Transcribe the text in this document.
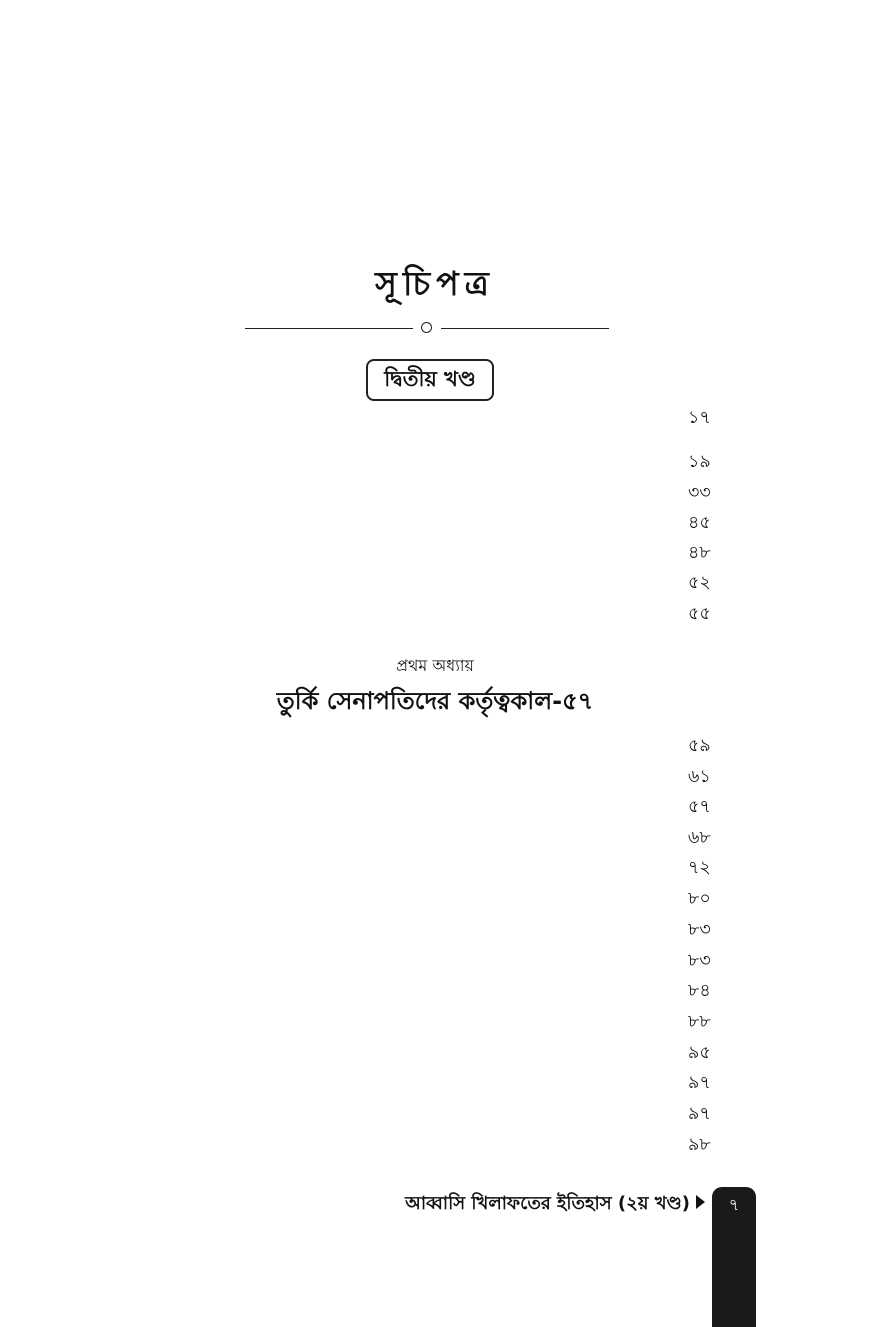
সূচিপত্র
দ্বিতীয় খণ্ড
১৭
১৯
৩৩
৪৫
৪৮
৫২
৫৫
প্রথম অধ্যায়
তুর্কি সেনাপতিদের কর্তৃত্বকাল-৫৭
৫৯
৬১
৫৭
৬৮
৭২
৮০
৮৩
৮৩
৮৪
৮৮
৯৫
৯৭
৯৭
৯৮
আব্বাসি খিলাফতের ইতিহাস (২য় খণ্ড)	৭
